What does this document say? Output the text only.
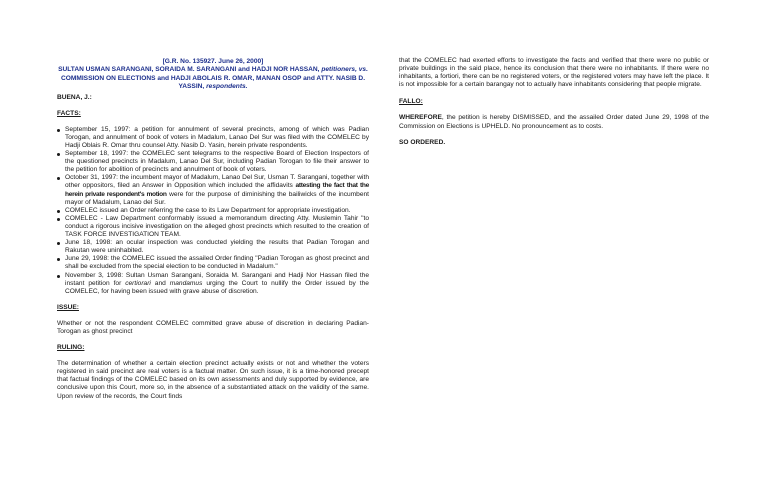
[G.R. No. 135927. June 26, 2000]
SULTAN USMAN SARANGANI, SORAIDA M. SARANGANI and HADJI NOR HASSAN, petitioners, vs. COMMISSION ON ELECTIONS and HADJI ABOLAIS R. OMAR, MANAN OSOP and ATTY. NASIB D. YASSIN, respondents.

BUENA, J.:

FACTS:

September 15, 1997: a petition for annulment of several precincts, among of which was Padian Torogan, and annulment of book of voters in Madalum, Lanao Del Sur was filed with the COMELEC by Hadji Oblais R. Omar thru counsel Atty. Nasib D. Yasin, herein private respondents.
September 18, 1997: the COMELEC sent telegrams to the respective Board of Election Inspectors of the questioned precincts in Madalum, Lanao Del Sur, including Padian Torogan to file their answer to the petition for abolition of precincts and annulment of book of voters.
October 31, 1997: the incumbent mayor of Madalum, Lanao Del Sur, Usman T. Sarangani, together with other oppositors, filed an Answer in Opposition which included the affidavits attesting the fact that the herein private respondent's motion were for the purpose of diminishing the bailiwicks of the incumbent mayor of Madalum, Lanao del Sur.
COMELEC issued an Order referring the case to its Law Department for appropriate investigation.
COMELEC - Law Department conformably issued a memorandum directing Atty. Muslemin Tahir "to conduct a rigorous incisive investigation on the alleged ghost precincts which resulted to the creation of TASK FORCE INVESTIGATION TEAM.
June 18, 1998: an ocular inspection was conducted yielding the results that Padian Torogan and Rakutan were uninhabited.
June 29, 1998: the COMELEC issued the assailed Order finding "Padian Torogan as ghost precinct and shall be excluded from the special election to be conducted in Madalum."
November 3, 1998: Sultan Usman Sarangani, Soraida M. Sarangani and Hadji Nor Hassan filed the instant petition for certiorari and mandamus urging the Court to nullify the Order issued by the COMELEC, for having been issued with grave abuse of discretion.

ISSUE:

Whether or not the respondent COMELEC committed grave abuse of discretion in declaring Padian-Torogan as ghost precinct

RULING:

The determination of whether a certain election precinct actually exists or not and whether the voters registered in said precinct are real voters is a factual matter. On such issue, it is a time-honored precept that factual findings of the COMELEC based on its own assessments and duly supported by evidence, are conclusive upon this Court, more so, in the absence of a substantiated attack on the validity of the same. Upon review of the records, the Court finds

that the COMELEC had exerted efforts to investigate the facts and verified that there were no public or private buildings in the said place, hence its conclusion that there were no inhabitants. If there were no inhabitants, a fortiori, there can be no registered voters, or the registered voters may have left the place. It is not impossible for a certain barangay not to actually have inhabitants considering that people migrate.

FALLO:

WHEREFORE, the petition is hereby DISMISSED, and the assailed Order dated June 29, 1998 of the Commission on Elections is UPHELD. No pronouncement as to costs.

SO ORDERED.
